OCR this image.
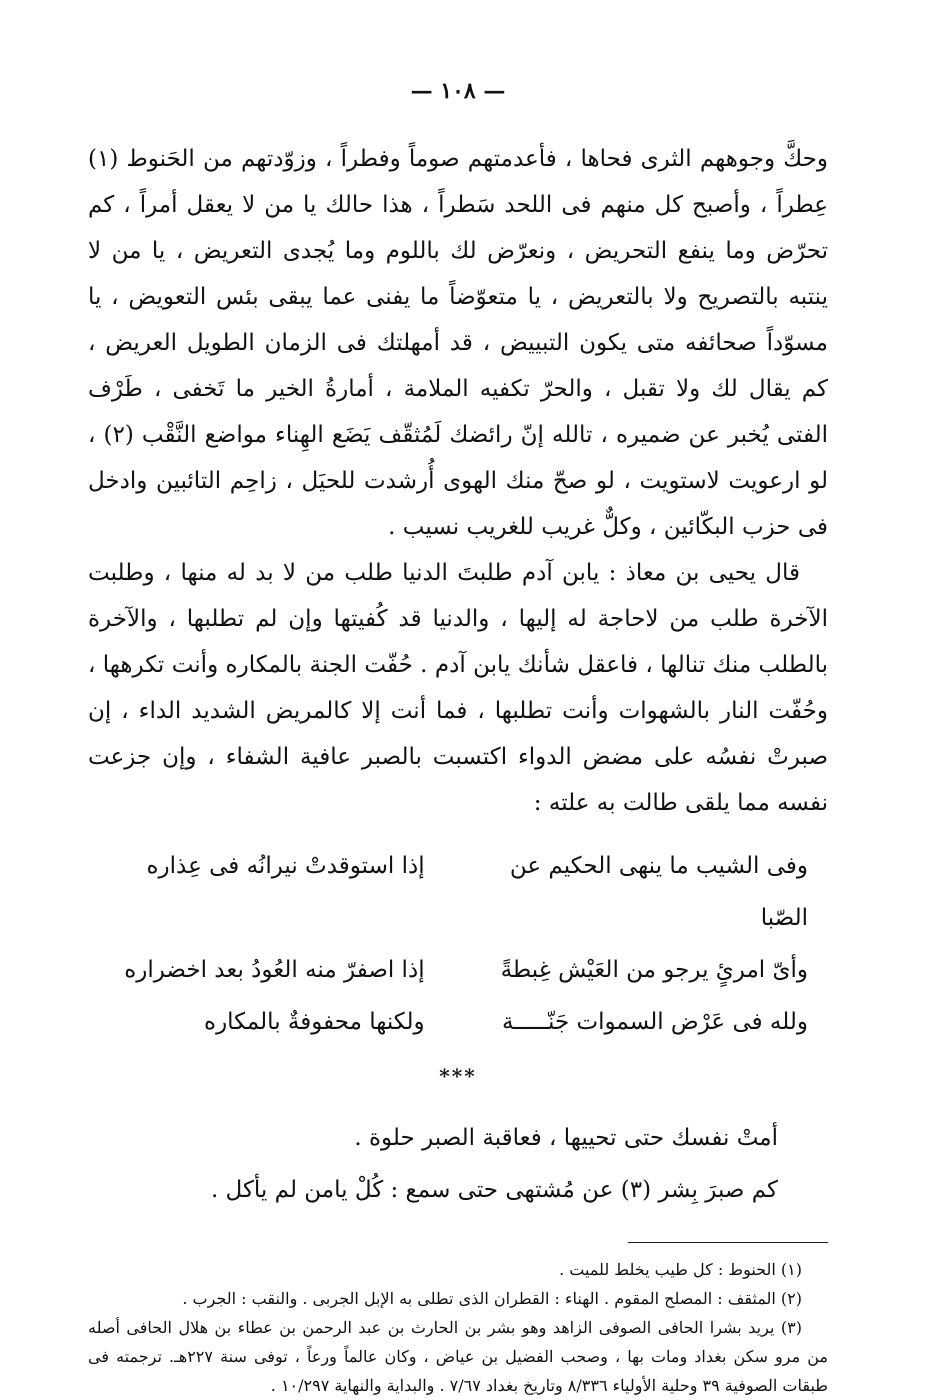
— ١٠٨ —

وحكَّ وجوههم الثرى فحاها ، فأعدمتهم صوماً وفطراً ، وزوّدتهم من الحَنوط (١) عِطراً ، وأصبح كل منهم فى اللحد سَطراً ، هذا حالك يا من لا يعقل أمراً ، كم تحرّض وما ينفع التحريض ، ونعرّض لك باللوم وما يُجدى التعريض ، يا من لا ينتبه بالتصريح ولا بالتعريض ، يا متعوّضاً ما يفنى عما يبقى بئس التعويض ، يا مسوّداً صحائفه متى يكون التبييض ، قد أمهلتك فى الزمان الطويل العريض ، كم يقال لك ولا تقبل ، والحرّ تكفيه الملامة ، أمارةُ الخير ما تَخفى ، طَرْف الفتى يُخبر عن ضميره ، تالله إنّ رائضك لَمُثقّف يَضَع الهِناء مواضع النَّقْب (٢) ، لو ارعويت لاستويت ، لو صحّ منك الهوى أُرشدت للحيَل ، زاحِم التائبين وادخل فى حزب البكّائين ، وكلٌّ غريب للغريب نسيب .

قال يحيى بن معاذ : يابن آدم طلبتَ الدنيا طلب من لا بد له منها ، وطلبت الآخرة طلب من لاحاجة له إليها ، والدنيا قد كُفيتها وإن لم تطلبها ، والآخرة بالطلب منك تنالها ، فاعقل شأنك يابن آدم . حُفّت الجنة بالمكاره وأنت تكرهها ، وحُفّت النار بالشهوات وأنت تطلبها ، فما أنت إلا كالمريض الشديد الداء ، إن صبرتْ نفسُه على مضض الدواء اكتسبت بالصبر عافية الشفاء ، وإن جزعت نفسه مما يلقى طالت به علته :

وفى الشيب ما ينهى الحكيم عن الصّبا
إذا استوقدتْ نيرانُه فى عِذاره
وأىّ امرئٍ يرجو من العَيْش غِبطةً
إذا اصفرّ منه العُودُ بعد اخضراره
ولله فى عَرْض السموات جَنّـــــة
ولكنها محفوفةٌ بالمكاره
***

أمتْ نفسك حتى تحييها ، فعاقبة الصبر حلوة .

كم صبرَ بِشر (٣) عن مُشتهى حتى سمع : كُلْ يامن لم يأكل .

(١) الحنوط : كل طيب يخلط للميت .

(٢) المثقف : المصلح المقوم . الهناء : القطران الذى تطلى به الإبل الجربى . والنقب : الجرب .

(٣) يريد بشرا الحافى الصوفى الزاهد وهو بشر بن الحارث بن عبد الرحمن بن عطاء بن هلال الحافى أصله من مرو سكن بغداد ومات بها ، وصحب الفضيل بن عياض ، وكان عالماً ورعاً ، توفى سنة ٢٢٧هـ. ترجمته فى طبقات الصوفية ٣٩ وحلية الأولياء ٨/٣٣٦ وتاريخ بغداد ٧/٦٧ . والبداية والنهاية ١٠/٢٩٧ .
